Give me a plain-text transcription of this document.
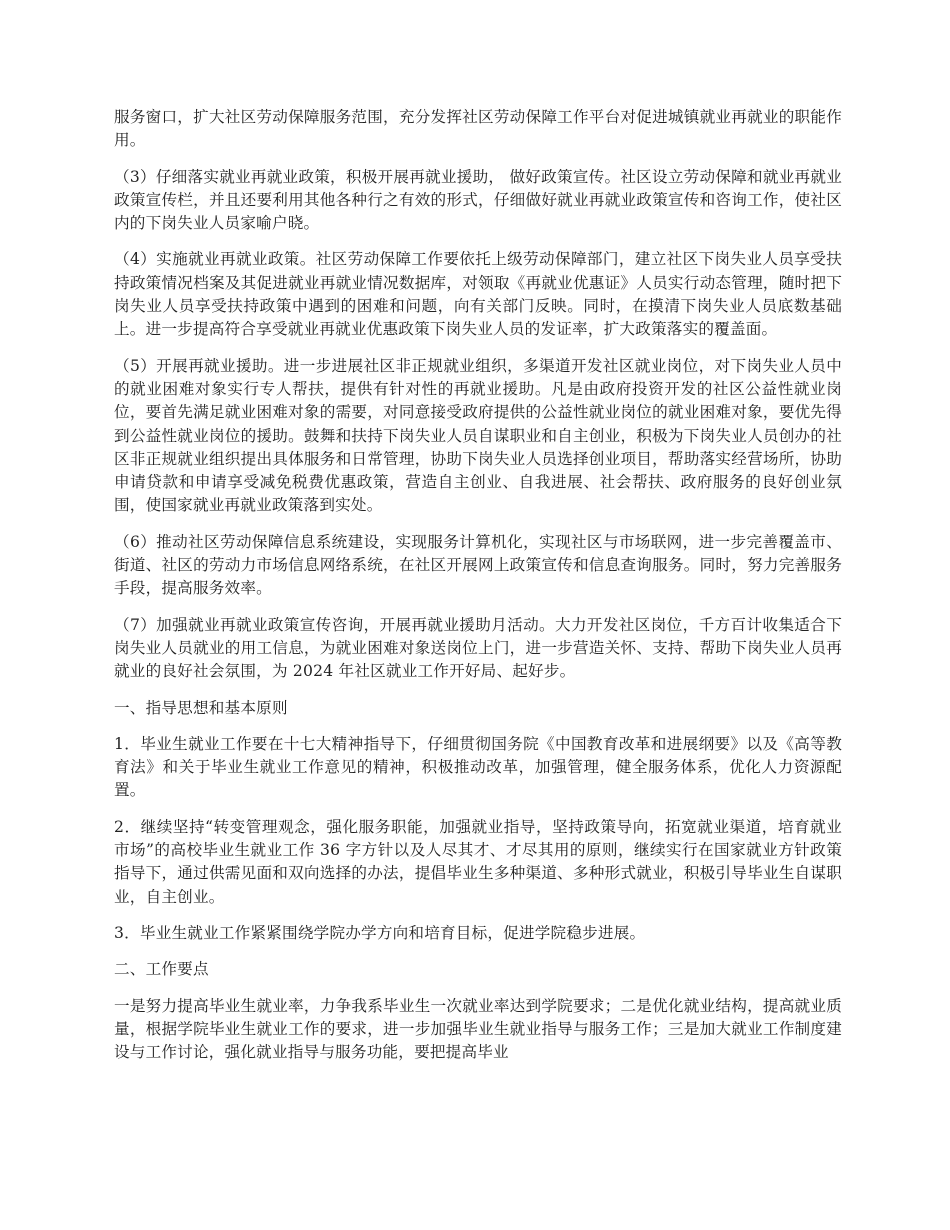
服务窗口，扩大社区劳动保障服务范围，充分发挥社区劳动保障工作平台对促进城镇就业再就业的职能作用。

（3）仔细落实就业再就业政策，积极开展再就业援助， 做好政策宣传。社区设立劳动保障和就业再就业政策宣传栏，并且还要利用其他各种行之有效的形式，仔细做好就业再就业政策宣传和咨询工作，使社区内的下岗失业人员家喻户晓。

（4）实施就业再就业政策。社区劳动保障工作要依托上级劳动保障部门，建立社区下岗失业人员享受扶持政策情况档案及其促进就业再就业情况数据库，对领取《再就业优惠证》人员实行动态管理，随时把下岗失业人员享受扶持政策中遇到的困难和问题，向有关部门反映。同时，在摸清下岗失业人员底数基础上。进一步提高符合享受就业再就业优惠政策下岗失业人员的发证率，扩大政策落实的覆盖面。

（5）开展再就业援助。进一步进展社区非正规就业组织，多渠道开发社区就业岗位，对下岗失业人员中的就业困难对象实行专人帮扶，提供有针对性的再就业援助。凡是由政府投资开发的社区公益性就业岗位，要首先满足就业困难对象的需要，对同意接受政府提供的公益性就业岗位的就业困难对象，要优先得到公益性就业岗位的援助。鼓舞和扶持下岗失业人员自谋职业和自主创业，积极为下岗失业人员创办的社区非正规就业组织提出具体服务和日常管理，协助下岗失业人员选择创业项目，帮助落实经营场所，协助申请贷款和申请享受减免税费优惠政策，营造自主创业、自我进展、社会帮扶、政府服务的良好创业氛围，使国家就业再就业政策落到实处。

（6）推动社区劳动保障信息系统建设，实现服务计算机化，实现社区与市场联网，进一步完善覆盖市、街道、社区的劳动力市场信息网络系统，在社区开展网上政策宣传和信息查询服务。同时，努力完善服务手段，提高服务效率。

（7）加强就业再就业政策宣传咨询，开展再就业援助月活动。大力开发社区岗位，千方百计收集适合下岗失业人员就业的用工信息，为就业困难对象送岗位上门，进一步营造关怀、支持、帮助下岗失业人员再就业的良好社会氛围，为 2024 年社区就业工作开好局、起好步。

一、指导思想和基本原则

1．毕业生就业工作要在十七大精神指导下，仔细贯彻国务院《中国教育改革和进展纲要》以及《高等教育法》和关于毕业生就业工作意见的精神，积极推动改革，加强管理，健全服务体系，优化人力资源配置。

2．继续坚持“转变管理观念，强化服务职能，加强就业指导，坚持政策导向，拓宽就业渠道，培育就业市场”的高校毕业生就业工作 36 字方针以及人尽其才、才尽其用的原则，继续实行在国家就业方针政策指导下，通过供需见面和双向选择的办法，提倡毕业生多种渠道、多种形式就业，积极引导毕业生自谋职业，自主创业。

3．毕业生就业工作紧紧围绕学院办学方向和培育目标，促进学院稳步进展。

二、工作要点

一是努力提高毕业生就业率，力争我系毕业生一次就业率达到学院要求；二是优化就业结构，提高就业质量，根据学院毕业生就业工作的要求，进一步加强毕业生就业指导与服务工作；三是加大就业工作制度建设与工作讨论，强化就业指导与服务功能，要把提高毕业
